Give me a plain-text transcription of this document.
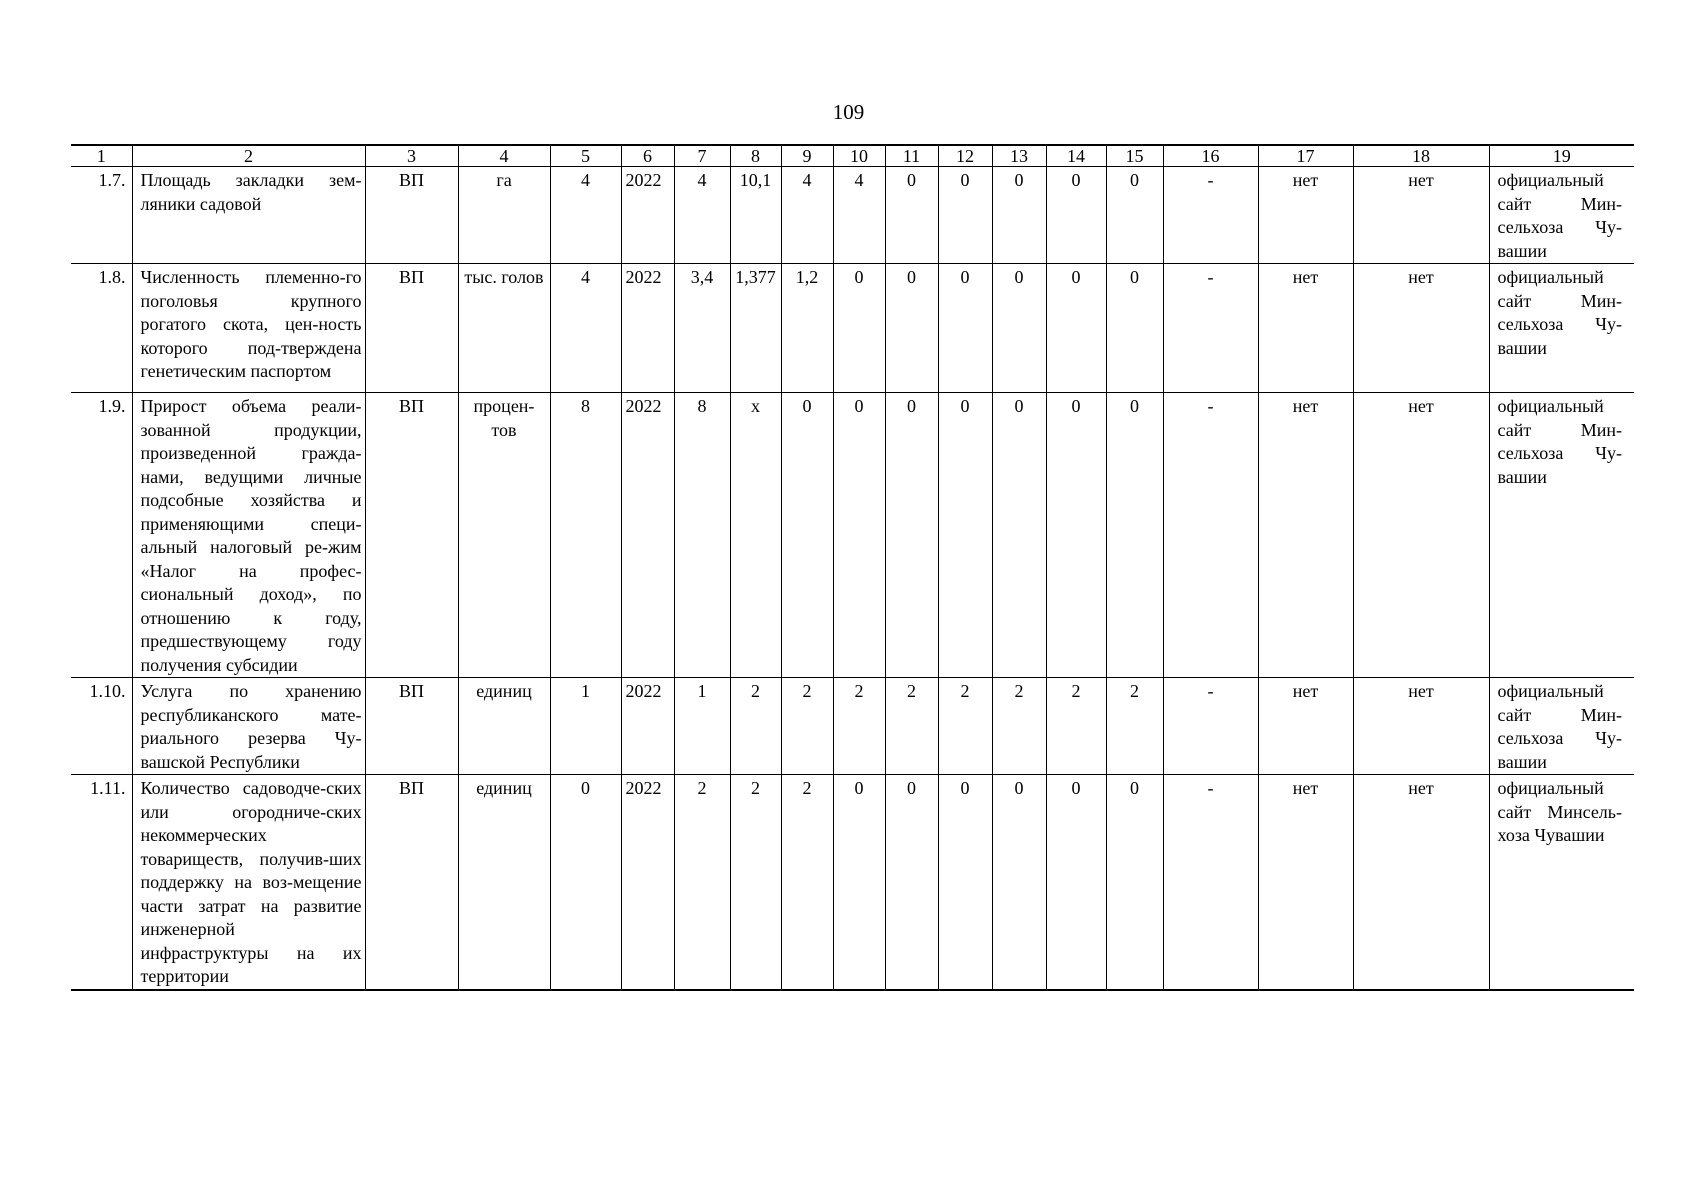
109
1	2	3	4	5	6	7	8	9	10	11	12	13	14	15	16	17	18	19
1.7.	Площадь закладки зем-ляники садовой	ВП	га	4	2022	4	10,1	4	4	0	0	0	0	0	-	нет	нет	официальный сайт Мин-сельхоза Чу-вашии
1.8.	Численность племенно-го поголовья крупного рогатого скота, цен-ность которого под-тверждена генетическим паспортом	ВП	тыс. голов	4	2022	3,4	1,377	1,2	0	0	0	0	0	0	-	нет	нет	официальный сайт Мин-сельхоза Чу-вашии
1.9.	Прирост объема реали-зованной продукции, произведенной гражда-нами, ведущими личные подсобные хозяйства и применяющими специ-альный налоговый ре-жим «Налог на профес-сиональный доход», по отношению к году, предшествующему году получения субсидии	ВП	процен-тов	8	2022	8	х	0	0	0	0	0	0	0	-	нет	нет	официальный сайт Мин-сельхоза Чу-вашии
1.10.	Услуга по хранению республиканского мате-риального резерва Чу-вашской Республики	ВП	единиц	1	2022	1	2	2	2	2	2	2	2	2	-	нет	нет	официальный сайт Мин-сельхоза Чу-вашии
1.11.	Количество садоводче-ских или огородниче-ских некоммерческих товариществ, получив-ших поддержку на воз-мещение части затрат на развитие инженерной инфраструктуры на их территории	ВП	единиц	0	2022	2	2	2	0	0	0	0	0	0	-	нет	нет	официальный сайт Минсель-хоза Чувашии
